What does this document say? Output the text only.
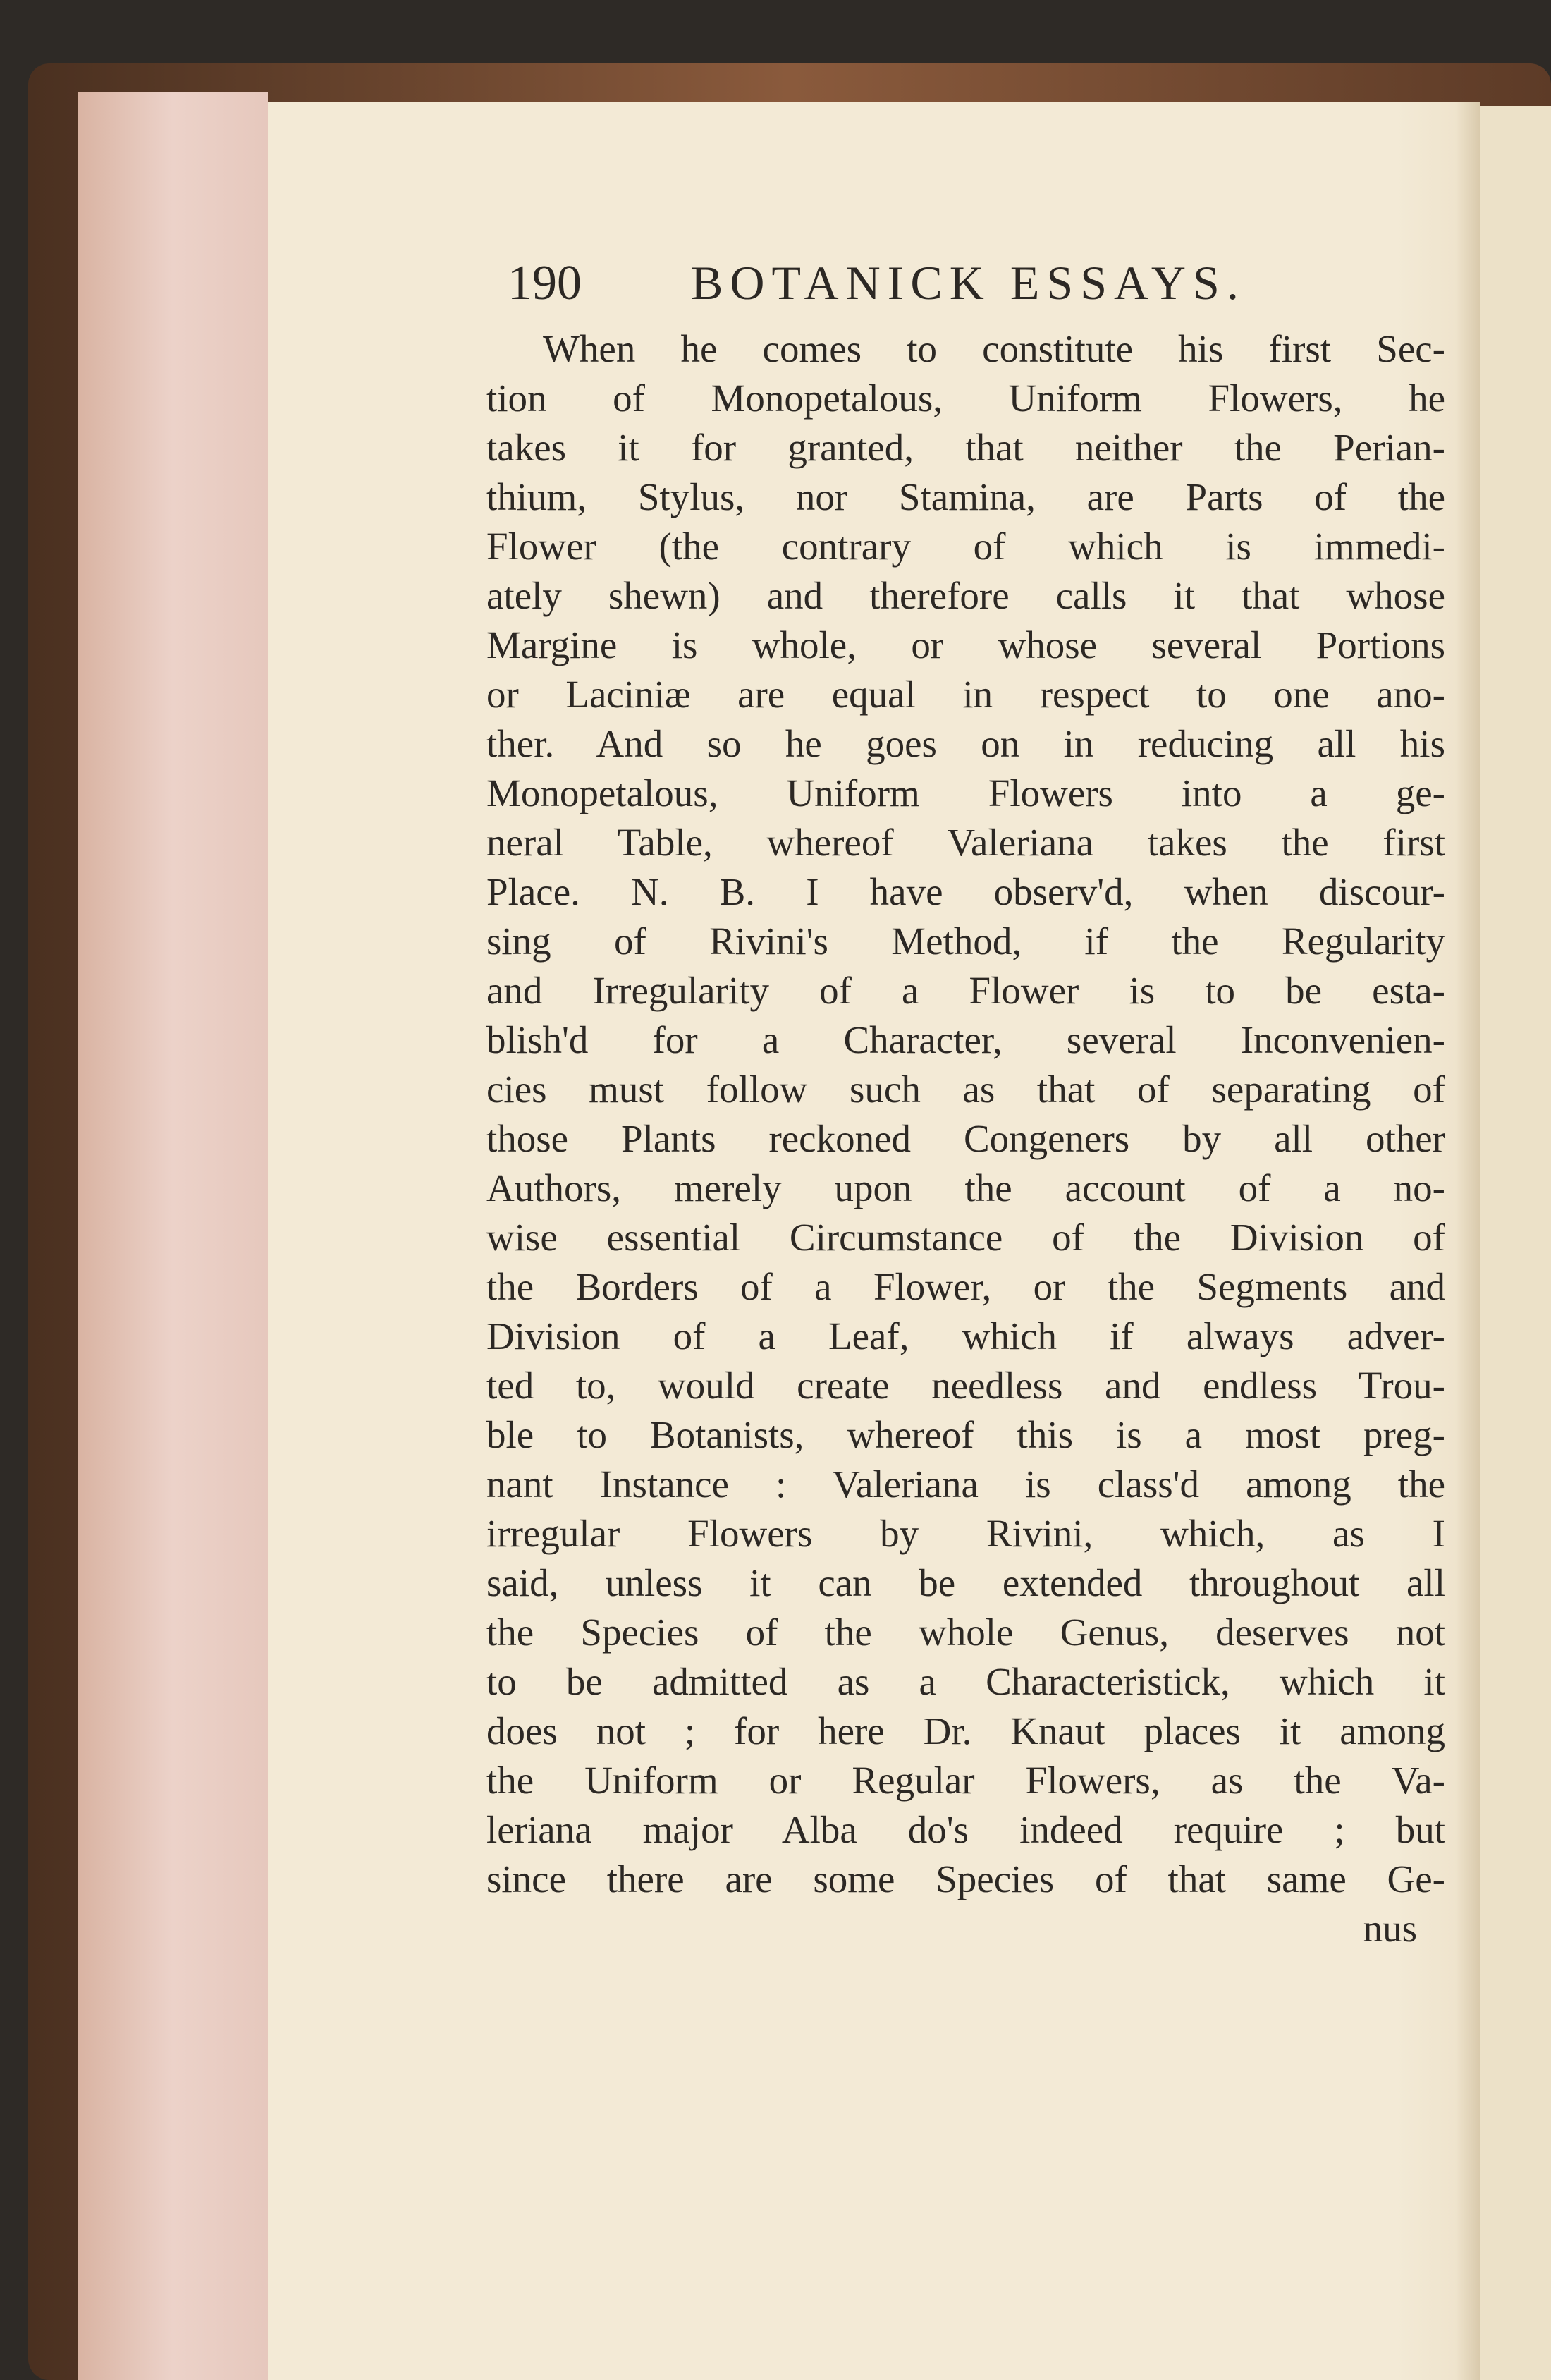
190 BOTANICK ESSAYS.
When he comes to constitute his first Sec-
tion of Monopetalous, Uniform Flowers, he
takes it for granted, that neither the Perian-
thium, Stylus, nor Stamina, are Parts of the
Flower (the contrary of which is immedi-
ately shewn) and therefore calls it that whose
Margine is whole, or whose several Portions
or Laciniæ are equal in respect to one ano-
ther. And so he goes on in reducing all his
Monopetalous, Uniform Flowers into a ge-
neral Table, whereof Valeriana takes the first
Place. N. B. I have observ'd, when discour-
sing of Rivini's Method, if the Regularity
and Irregularity of a Flower is to be esta-
blish'd for a Character, several Inconvenien-
cies must follow such as that of separating of
those Plants reckoned Congeners by all other
Authors, merely upon the account of a no-
wise essential Circumstance of the Division of
the Borders of a Flower, or the Segments and
Division of a Leaf, which if always adver-
ted to, would create needless and endless Trou-
ble to Botanists, whereof this is a most preg-
nant Instance : Valeriana is class'd among the
irregular Flowers by Rivini, which, as I
said, unless it can be extended throughout all
the Species of the whole Genus, deserves not
to be admitted as a Characteristick, which it
does not ; for here Dr. Knaut places it among
the Uniform or Regular Flowers, as the Va-
leriana major Alba do's indeed require ; but
since there are some Species of that same Ge-
nus
